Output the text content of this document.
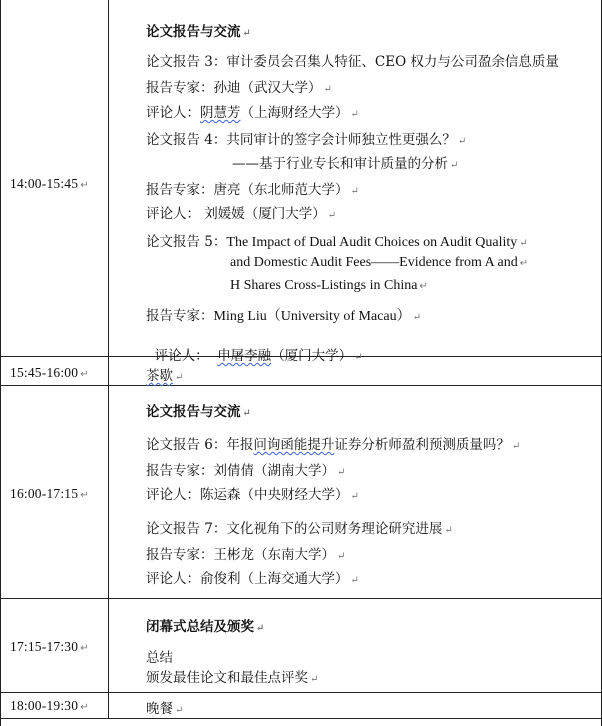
14:00-15:45 ↵
论文报告与交流 ↵
论文报告 3：审计委员会召集人特征、CEO 权力与公司盈余信息质量
报告专家：孙迪（武汉大学） ↵
评论人：阴慧芳（上海财经大学） ↵
论文报告 4：共同审计的签字会计师独立性更强么？ ↵
——基于行业专长和审计质量的分析 ↵
报告专家：唐亮（东北师范大学） ↵
评论人： 刘媛媛（厦门大学） ↵
论文报告 5：The Impact of Dual Audit Choices on Audit Quality ↵
and Domestic Audit Fees——Evidence from A and ↵
H Shares Cross-Listings in China ↵
报告专家：Ming Liu（University of Macau） ↵

评论人：  申屠李融（厦门大学） ↵

15:45-16:00 ↵	茶歇 ↵
16:00-17:15 ↵
论文报告与交流 ↵
论文报告 6：年报问询函能提升证券分析师盈利预测质量吗？ ↵
报告专家：刘倩倩（湖南大学） ↵
评论人：陈运森（中央财经大学） ↵
论文报告 7：文化视角下的公司财务理论研究进展 ↵
报告专家：王彬龙（东南大学） ↵
评论人：俞俊利（上海交通大学） ↵
17:15-17:30 ↵
闭幕式总结及颁奖 ↵
总结
颁发最佳论文和最佳点评奖 ↵
18:00-19:30 ↵	晚餐 ↵
